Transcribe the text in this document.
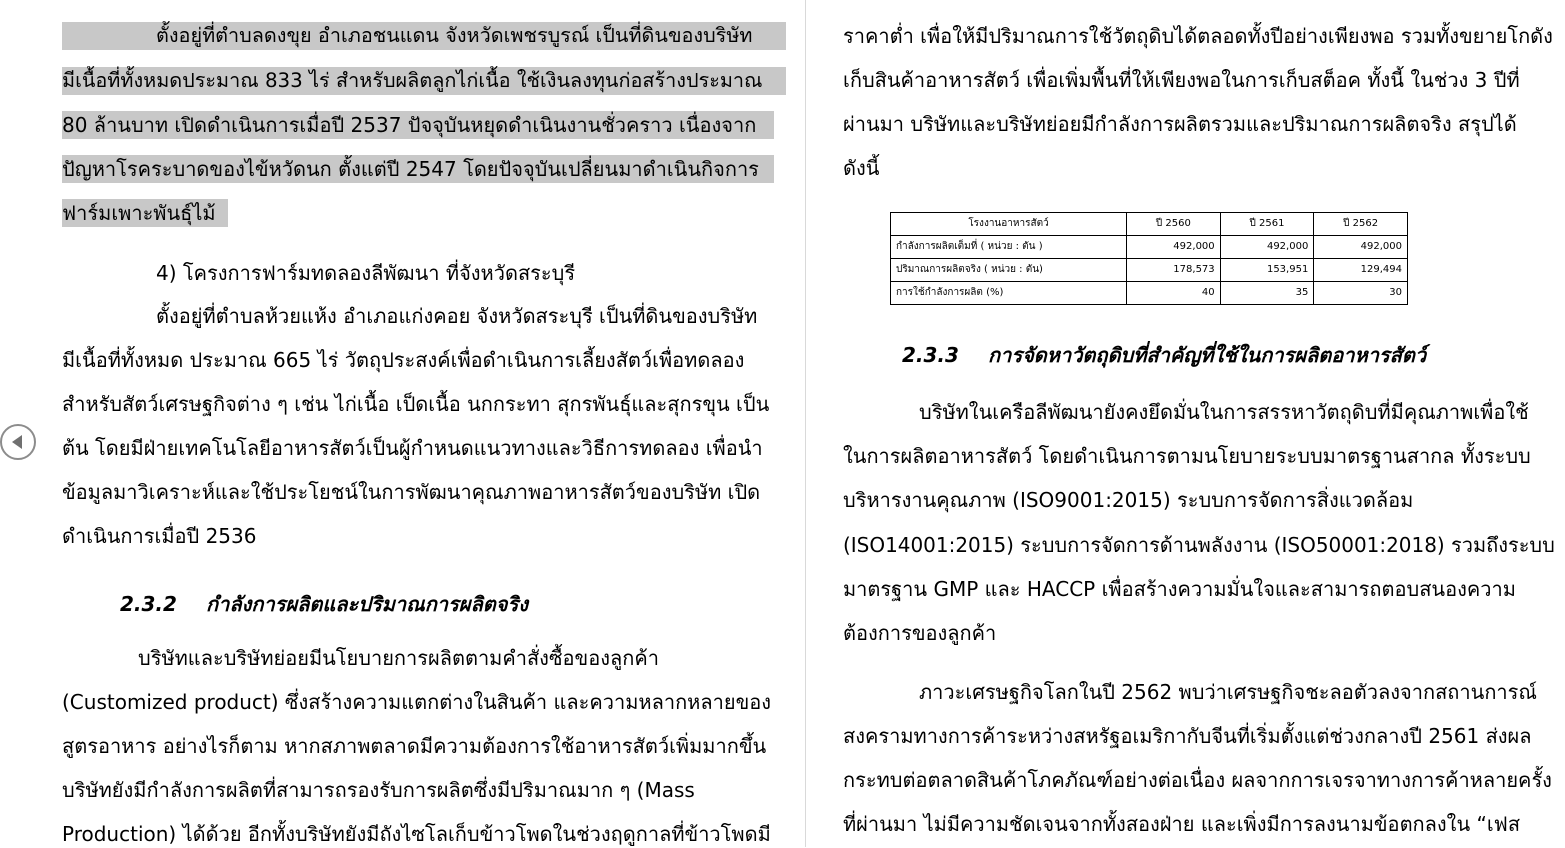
ตั้งอยู่ที่ตำบลดงขุย อำเภอชนแดน จังหวัดเพชรบูรณ์ เป็นที่ดินของบริษัท
มีเนื้อที่ทั้งหมดประมาณ 833 ไร่ สำหรับผลิตลูกไก่เนื้อ ใช้เงินลงทุนก่อสร้างประมาณ
80 ล้านบาท เปิดดำเนินการเมื่อปี 2537 ปัจจุบันหยุดดำเนินงานชั่วคราว เนื่องจาก
ปัญหาโรคระบาดของไข้หวัดนก ตั้งแต่ปี 2547 โดยปัจจุบันเปลี่ยนมาดำเนินกิจการ
ฟาร์มเพาะพันธุ์ไม้
4) โครงการฟาร์มทดลองลีพัฒนา ที่จังหวัดสระบุรี
ตั้งอยู่ที่ตำบลห้วยแห้ง อำเภอแก่งคอย จังหวัดสระบุรี เป็นที่ดินของบริษัท
มีเนื้อที่ทั้งหมด ประมาณ 665 ไร่ วัตถุประสงค์เพื่อดำเนินการเลี้ยงสัตว์เพื่อทดลอง
สำหรับสัตว์เศรษฐกิจต่าง ๆ เช่น ไก่เนื้อ เป็ดเนื้อ นกกระทา สุกรพันธุ์และสุกรขุน เป็น
ต้น โดยมีฝ่ายเทคโนโลยีอาหารสัตว์เป็นผู้กำหนดแนวทางและวิธีการทดลอง เพื่อนำ
ข้อมูลมาวิเคราะห์และใช้ประโยชน์ในการพัฒนาคุณภาพอาหารสัตว์ของบริษัท เปิด
ดำเนินการเมื่อปี 2536
2.3.2 กำลังการผลิตและปริมาณการผลิตจริง
บริษัทและบริษัทย่อยมีนโยบายการผลิตตามคำสั่งซื้อของลูกค้า
(Customized product) ซึ่งสร้างความแตกต่างในสินค้า และความหลากหลายของ
สูตรอาหาร อย่างไรก็ตาม หากสภาพตลาดมีความต้องการใช้อาหารสัตว์เพิ่มมากขึ้น
บริษัทยังมีกำลังการผลิตที่สามารถรองรับการผลิตซึ่งมีปริมาณมาก ๆ (Mass
Production) ได้ด้วย อีกทั้งบริษัทยังมีถังไซโลเก็บข้าวโพดในช่วงฤดูกาลที่ข้าวโพดมี
ราคาต่ำ เพื่อให้มีปริมาณการใช้วัตถุดิบได้ตลอดทั้งปีอย่างเพียงพอ รวมทั้งขยายโกดัง
เก็บสินค้าอาหารสัตว์ เพื่อเพิ่มพื้นที่ให้เพียงพอในการเก็บสต็อค ทั้งนี้ ในช่วง 3 ปีที่
ผ่านมา บริษัทและบริษัทย่อยมีกำลังการผลิตรวมและปริมาณการผลิตจริง สรุปได้
ดังนี้
โรงงานอาหารสัตว์	ปี 2560	ปี 2561	ปี 2562
กำลังการผลิตเต็มที่ ( หน่วย : ตัน )	492,000	492,000	492,000
ปริมาณการผลิตจริง ( หน่วย : ตัน)	178,573	153,951	129,494
การใช้กำลังการผลิต (%)	40	35	30
2.3.3 การจัดหาวัตถุดิบที่สำคัญที่ใช้ในการผลิตอาหารสัตว์
บริษัทในเครือลีพัฒนายังคงยึดมั่นในการสรรหาวัตถุดิบที่มีคุณภาพเพื่อใช้
ในการผลิตอาหารสัตว์ โดยดำเนินการตามนโยบายระบบมาตรฐานสากล ทั้งระบบ
บริหารงานคุณภาพ (ISO9001:2015) ระบบการจัดการสิ่งแวดล้อม
(ISO14001:2015) ระบบการจัดการด้านพลังงาน (ISO50001:2018) รวมถึงระบบ
มาตรฐาน GMP และ HACCP เพื่อสร้างความมั่นใจและสามารถตอบสนองความ
ต้องการของลูกค้า
ภาวะเศรษฐกิจโลกในปี 2562 พบว่าเศรษฐกิจชะลอตัวลงจากสถานการณ์
สงครามทางการค้าระหว่างสหรัฐอเมริกากับจีนที่เริ่มตั้งแต่ช่วงกลางปี 2561 ส่งผล
กระทบต่อตลาดสินค้าโภคภัณฑ์อย่างต่อเนื่อง ผลจากการเจรจาทางการค้าหลายครั้ง
ที่ผ่านมา ไม่มีความชัดเจนจากทั้งสองฝ่าย และเพิ่งมีการลงนามข้อตกลงใน “เฟส
